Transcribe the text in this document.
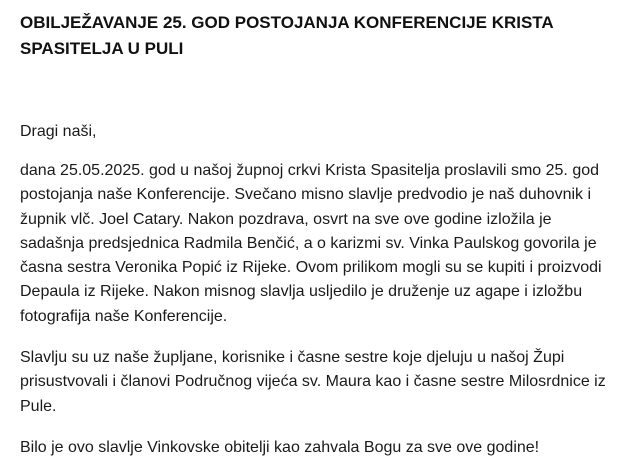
OBILJEŽAVANJE 25. GOD POSTOJANJA KONFERENCIJE KRISTA SPASITELJA U PULI
Dragi naši,

dana 25.05.2025. god u našoj župnoj crkvi Krista Spasitelja proslavili smo 25. god postojanja naše Konferencije. Svečano misno slavlje predvodio je naš duhovnik i župnik vlč. Joel Catary. Nakon pozdrava, osvrt na sve ove godine izložila je sadašnja predsjednica Radmila Benčić, a o karizmi sv. Vinka Paulskog govorila je časna sestra Veronika Popić iz Rijeke. Ovom prilikom mogli su se kupiti i proizvodi Depaula iz Rijeke. Nakon misnog slavlja usljedilo je druženje uz agape i izložbu fotografija naše Konferencije.

Slavlju su uz naše župljane, korisnike i časne sestre koje djeluju u našoj Župi prisustvovali i članovi Područnog vijeća sv. Maura kao i časne sestre Milosrdnice iz Pule.

Bilo je ovo slavlje Vinkovske obitelji kao zahvala Bogu za sve ove godine!
